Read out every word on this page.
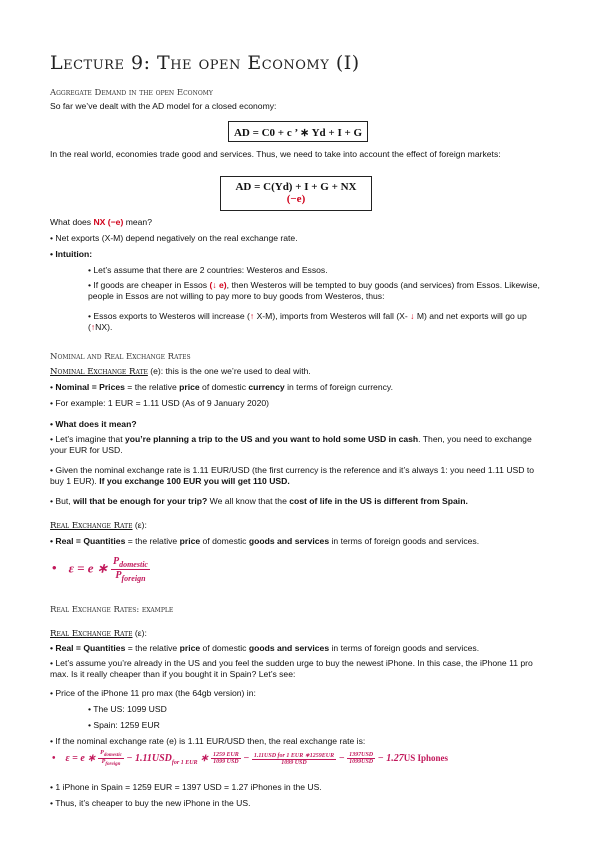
Lecture 9: The open Economy (I)
Aggregate Demand in the open Economy
So far we’ve dealt with the AD model for a closed economy:
AD = C0 + c ’ ∗ Yd + I + G
In the real world, economies trade good and services. Thus, we need to take into account the effect of foreign markets:
AD = C(Yd) + I + G + NX
(−e)
What does NX (−e) mean?
• Net exports (X-M) depend negatively on the real exchange rate.
• Intuition:
• Let’s assume that there are 2 countries: Westeros and Essos.
• If goods are cheaper in Essos (↓ e), then Westeros will be tempted to buy goods (and services) from Essos. Likewise, people in Essos are not willing to pay more to buy goods from Westeros, thus:
• Essos exports to Westeros will increase (↑ X-M), imports from Westeros will fall (X- ↓ M) and net exports will go up (↑NX).
Nominal and Real Exchange Rates
Nominal Exchange Rate (e): this is the one we’re used to deal with.
• Nominal = Prices = the relative price of domestic currency in terms of foreign currency.
• For example: 1 EUR = 1.11 USD (As of 9 January 2020)
• What does it mean?
• Let’s imagine that you’re planning a trip to the US and you want to hold some USD in cash. Then, you need to exchange your EUR for USD.
• Given the nominal exchange rate is 1.11 EUR/USD (the first currency is the reference and it’s always 1: you need 1.11 USD to buy 1 EUR). If you exchange 100 EUR you will get 110 USD.
• But, will that be enough for your trip? We all know that the cost of life in the US is different from Spain.
Real Exchange Rate (ε):
• Real = Quantities = the relative price of domestic goods and services in terms of foreign goods and services.
• ε = e ∗ $\frac{P_{domestic}}{P_{foreign}}$
Real Exchange Rates: example
Real Exchange Rate (ε):
• Real = Quantities = the relative price of domestic goods and services in terms of foreign goods and services.
• Let’s assume you’re already in the US and you feel the sudden urge to buy the newest iPhone. In this case, the iPhone 11 pro max. Is it really cheaper than if you bought it in Spain? Let’s see:
• Price of the iPhone 11 pro max (the 64gb version) in:
• The US: 1099 USD
• Spain: 1259 EUR
• If the nominal exchange rate (e) is 1.11 EUR/USD then, the real exchange rate is:
• ε = e ∗ $\frac{P_{domestic}}{P_{foreign}} - 1.11USD_{for 1 EUR}$ ∗ $\frac{\text{1259 EUR}}{\text{1099 USD}} - \frac{\text{1.11USD for 1 EUR ∗1259EUR}}{\text{1099 USD}} - \frac{\text{1397USD}}{\text{1099USD}} - 1.27US$ Iphones
• 1 iPhone in Spain = 1259 EUR = 1397 USD = 1.27 iPhones in the US.
• Thus, it’s cheaper to buy the new iPhone in the US.
